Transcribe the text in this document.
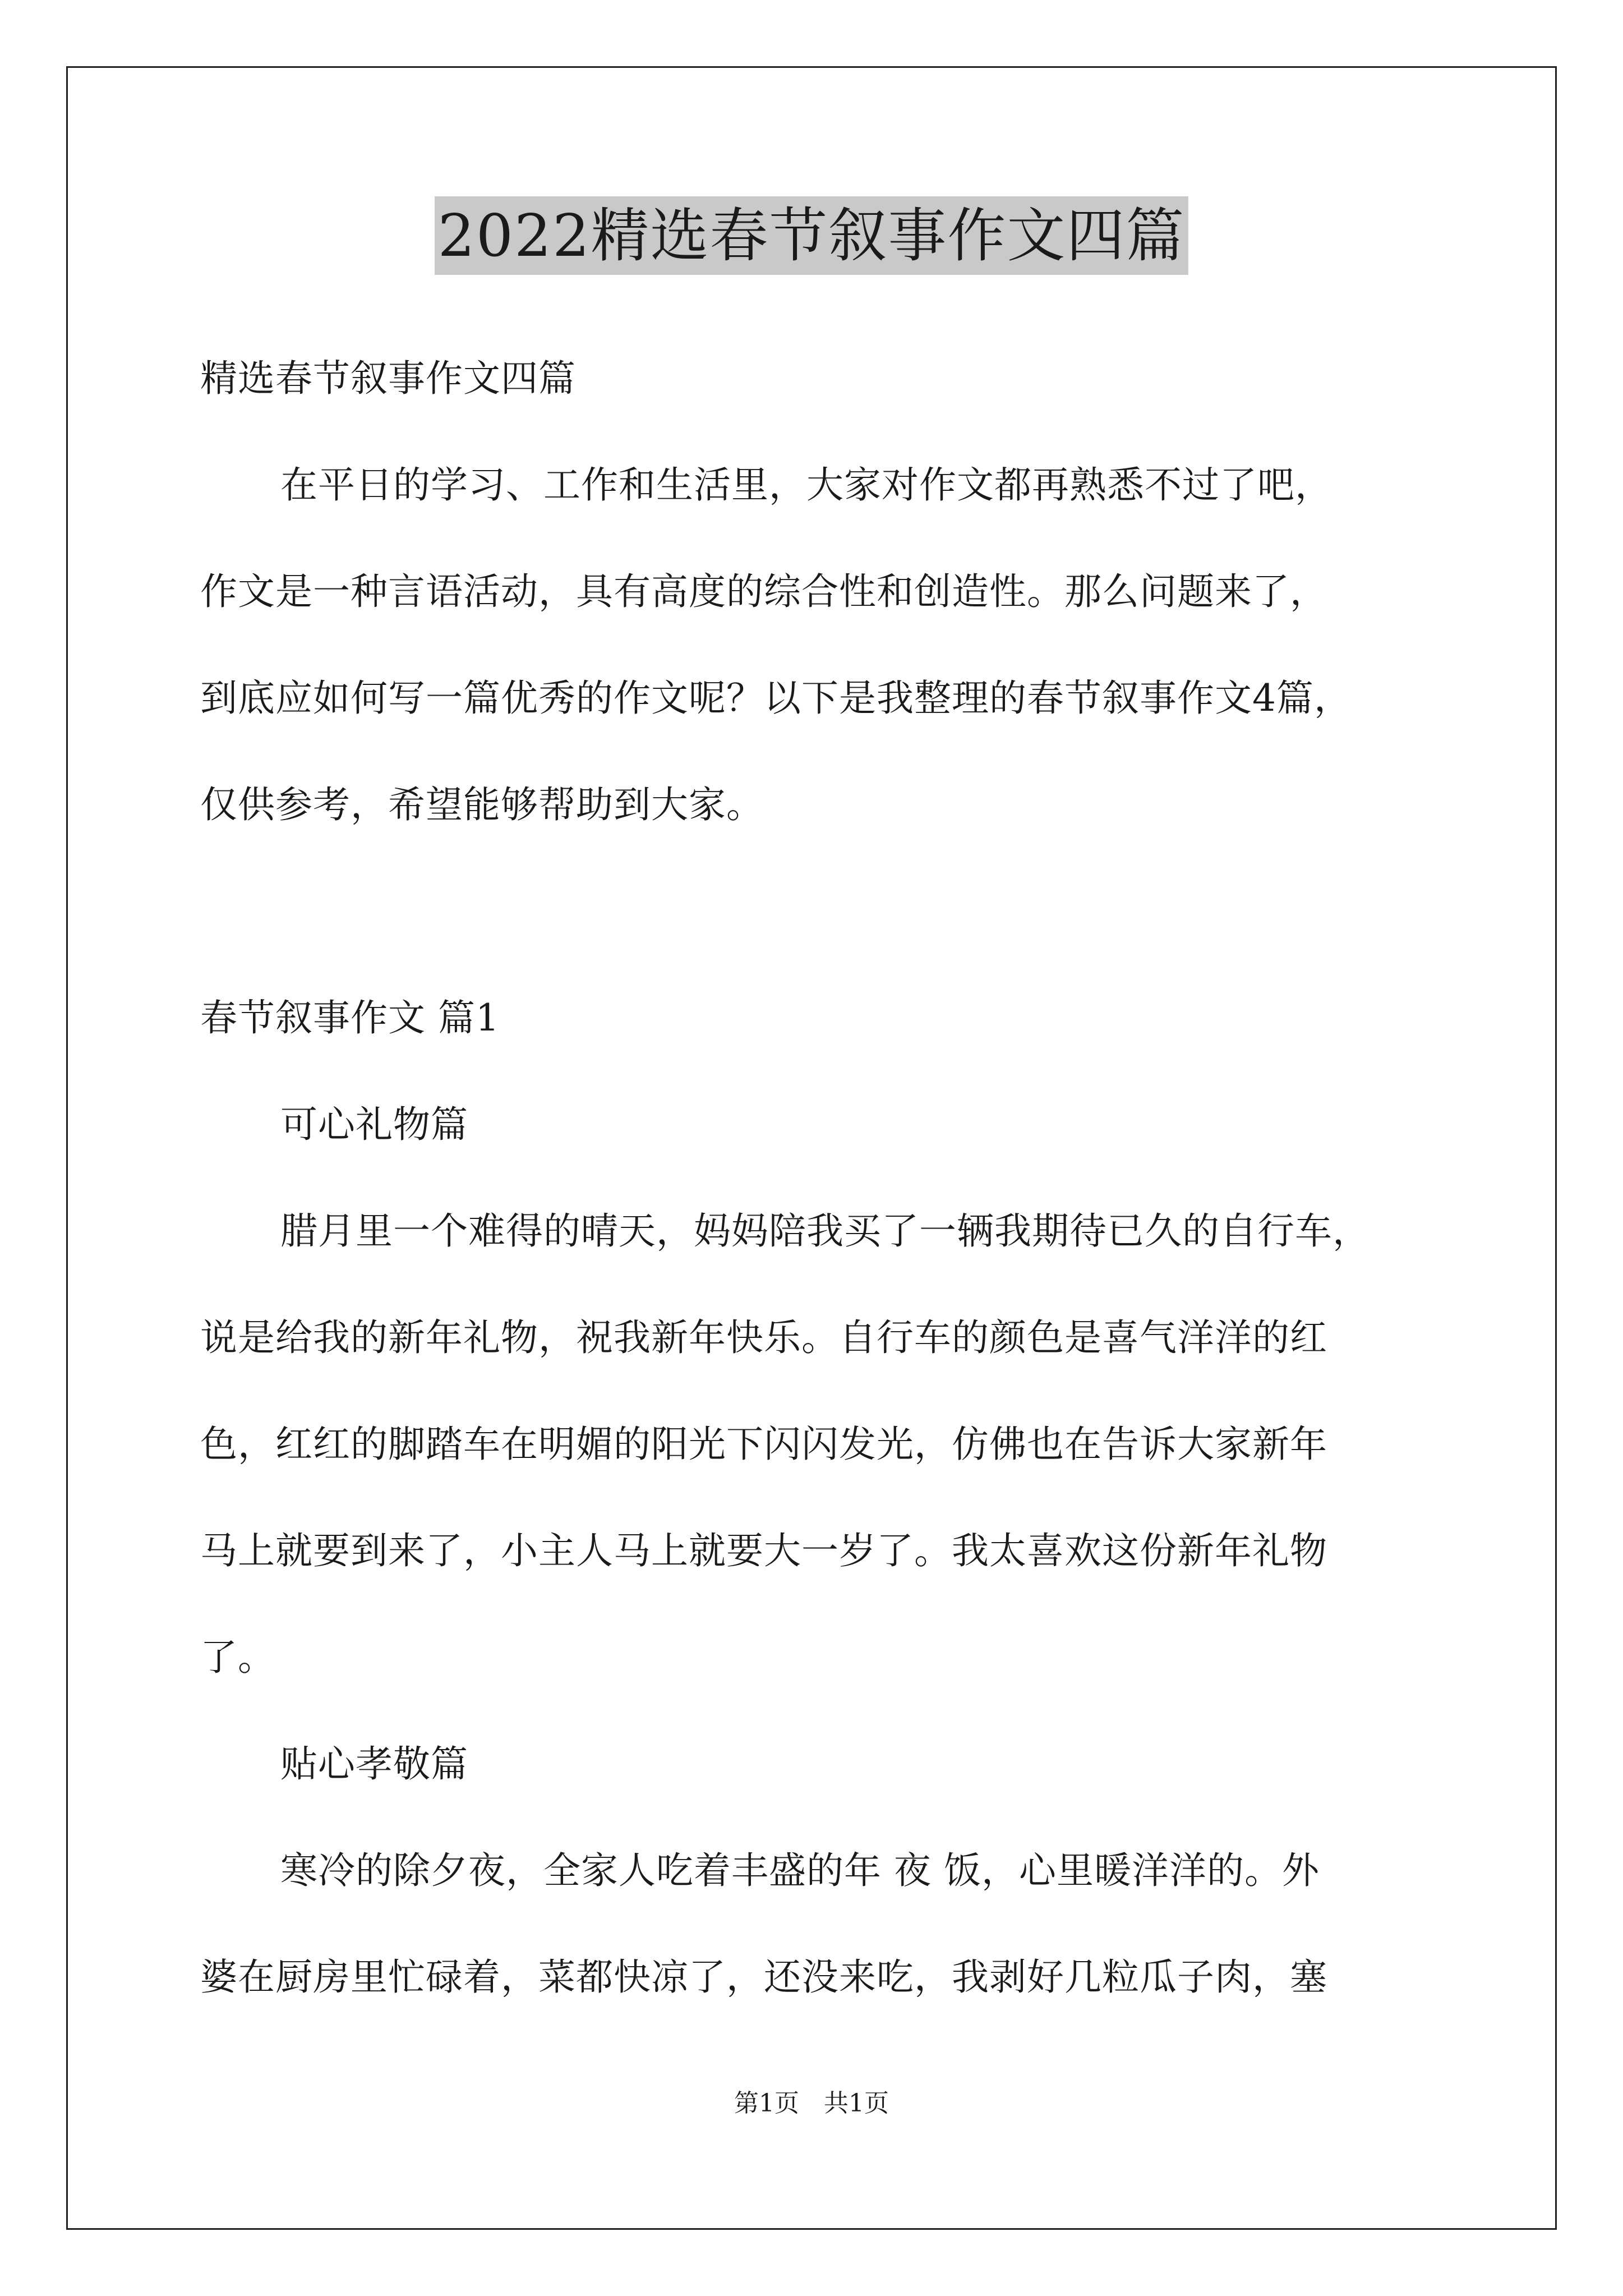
2022精选春节叙事作文四篇
精选春节叙事作文四篇
在平日的学习、工作和生活里，大家对作文都再熟悉不过了吧，
作文是一种言语活动，具有高度的综合性和创造性。那么问题来了，
到底应如何写一篇优秀的作文呢？以下是我整理的春节叙事作文4篇，
仅供参考，希望能够帮助到大家。
春节叙事作文 篇1
可心礼物篇
腊月里一个难得的晴天，妈妈陪我买了一辆我期待已久的自行车，
说是给我的新年礼物，祝我新年快乐。自行车的颜色是喜气洋洋的红
色，红红的脚踏车在明媚的阳光下闪闪发光，仿佛也在告诉大家新年
马上就要到来了，小主人马上就要大一岁了。我太喜欢这份新年礼物
了。
贴心孝敬篇
寒冷的除夕夜，全家人吃着丰盛的年 夜 饭，心里暖洋洋的。外
婆在厨房里忙碌着，菜都快凉了，还没来吃，我剥好几粒瓜子肉，塞
第1页 共1页
